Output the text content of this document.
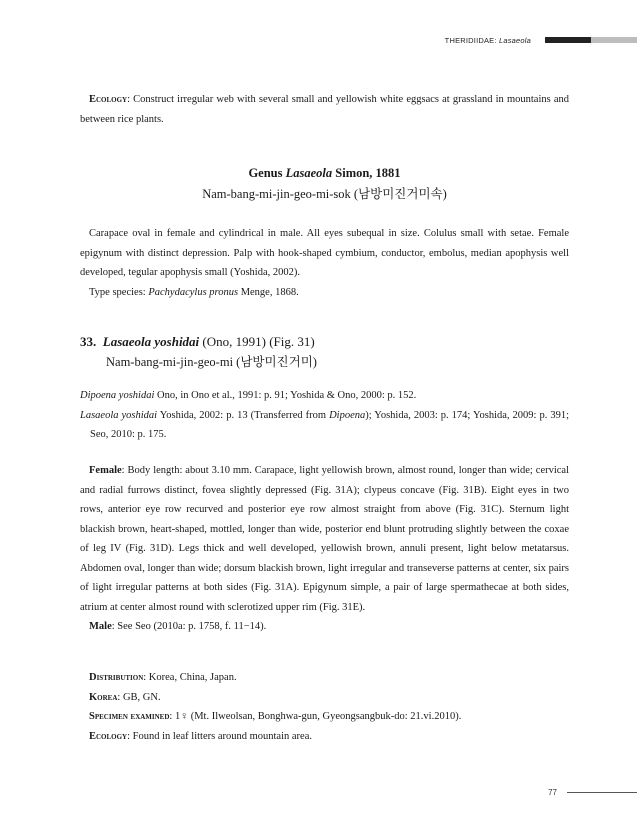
THERIDIIDAE: Lasaeola

Ecology: Construct irregular web with several small and yellowish white eggsacs at grassland in mountains and between rice plants.

Genus Lasaeola Simon, 1881
Nam-bang-mi-jin-geo-mi-sok (남방미진거미속)

Carapace oval in female and cylindrical in male. All eyes subequal in size. Colulus small with setae. Female epigynum with distinct depression. Palp with hook-shaped cymbium, conductor, embolus, median apophysis well developed, tegular apophysis small (Yoshida, 2002).

Type species: Pachydacylus pronus Menge, 1868.

33. Lasaeola yoshidai (Ono, 1991) (Fig. 31)
Nam-bang-mi-jin-geo-mi (남방미진거미)

Dipoena yoshidai Ono, in Ono et al., 1991: p. 91; Yoshida & Ono, 2000: p. 152.

Lasaeola yoshidai Yoshida, 2002: p. 13 (Transferred from Dipoena); Yoshida, 2003: p. 174; Yoshida, 2009: p. 391; Seo, 2010: p. 175.

Female: Body length: about 3.10 mm. Carapace, light yellowish brown, almost round, longer than wide; cervical and radial furrows distinct, fovea slightly depressed (Fig. 31A); clypeus concave (Fig. 31B). Eight eyes in two rows, anterior eye row recurved and posterior eye row almost straight from above (Fig. 31C). Sternum light blackish brown, heart-shaped, mottled, longer than wide, posterior end blunt protruding slightly between the coxae of leg IV (Fig. 31D). Legs thick and well developed, yellowish brown, annuli present, light below metatarsus. Abdomen oval, longer than wide; dorsum blackish brown, light irregular and transeverse patterns at center, six pairs of light irregular patterns at both sides (Fig. 31A). Epigynum simple, a pair of large spermathecae at both sides, atrium at center almost round with sclerotized upper rim (Fig. 31E).

Male: See Seo (2010a: p. 1758, f. 11−14).

Distribution: Korea, China, Japan.

Korea: GB, GN.

Specimen examined: 1♀ (Mt. Ilweolsan, Bonghwa-gun, Gyeongsangbuk-do: 21.vi.2010).

Ecology: Found in leaf litters around mountain area.

77
